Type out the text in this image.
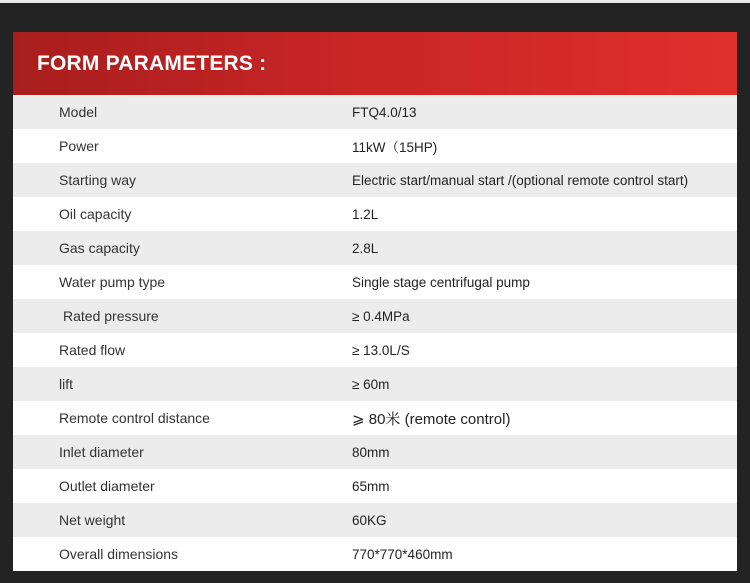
FORM PARAMETERS :
Model	FTQ4.0/13
Power	11kW（15HP)
Starting way	Electric start/manual start /(optional remote control start)
Oil capacity	1.2L
Gas capacity	2.8L
Water pump type	Single stage centrifugal pump
Rated pressure	≥ 0.4MPa
Rated flow	≥ 13.0L/S
lift	≥ 60m
Remote control distance	⩾ 80米 (remote control)
Inlet diameter	80mm
Outlet diameter	65mm
Net weight	60KG
Overall dimensions	770*770*460mm
